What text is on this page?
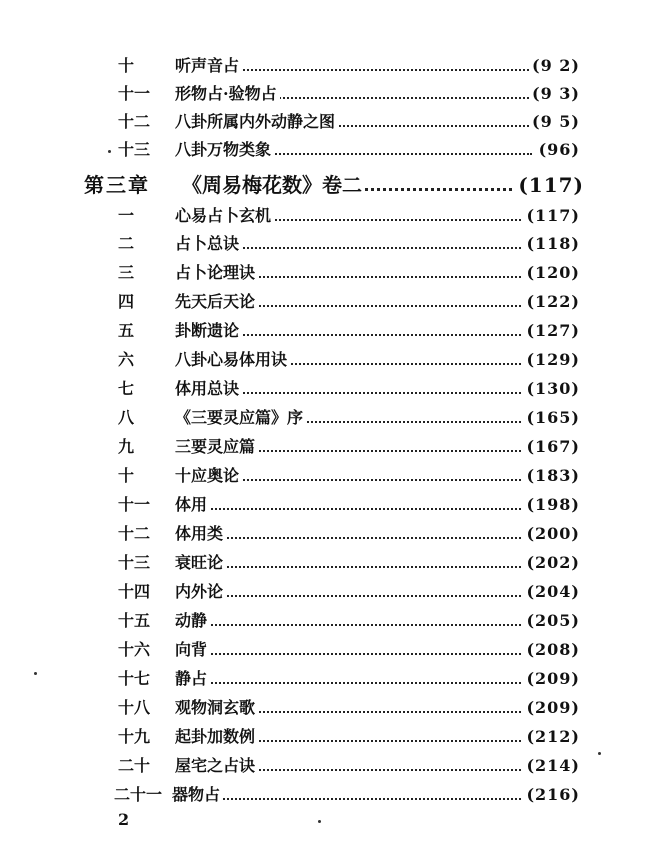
十	听声音占	(9 2)
十一 形物占·验物占	(9 3)
十二 八卦所属内外动静之图	(9 5)
十三 八卦万物类象	(96)
第三章 《周易梅花数》卷二	(117)
一	心易占卜玄机	(117)
二	占卜总诀	(118)
三	占卜论理诀	(120)
四	先天后天论	(122)
五	卦断遗论	(127)
六	八卦心易体用诀	(129)
七	体用总诀	(130)
八	《三要灵应篇》序	(165)
九	三要灵应篇	(167)
十	十应奥论	(183)
十一 体用	(198)
十二 体用类	(200)
十三 衰旺论	(202)
十四 内外论	(204)
十五 动静	(205)
十六 向背	(208)
十七 静占	(209)
十八 观物洞玄歌	(209)
十九 起卦加数例	(212)
二十 屋宅之占诀	(214)
二十一 器物占	(216)
2
